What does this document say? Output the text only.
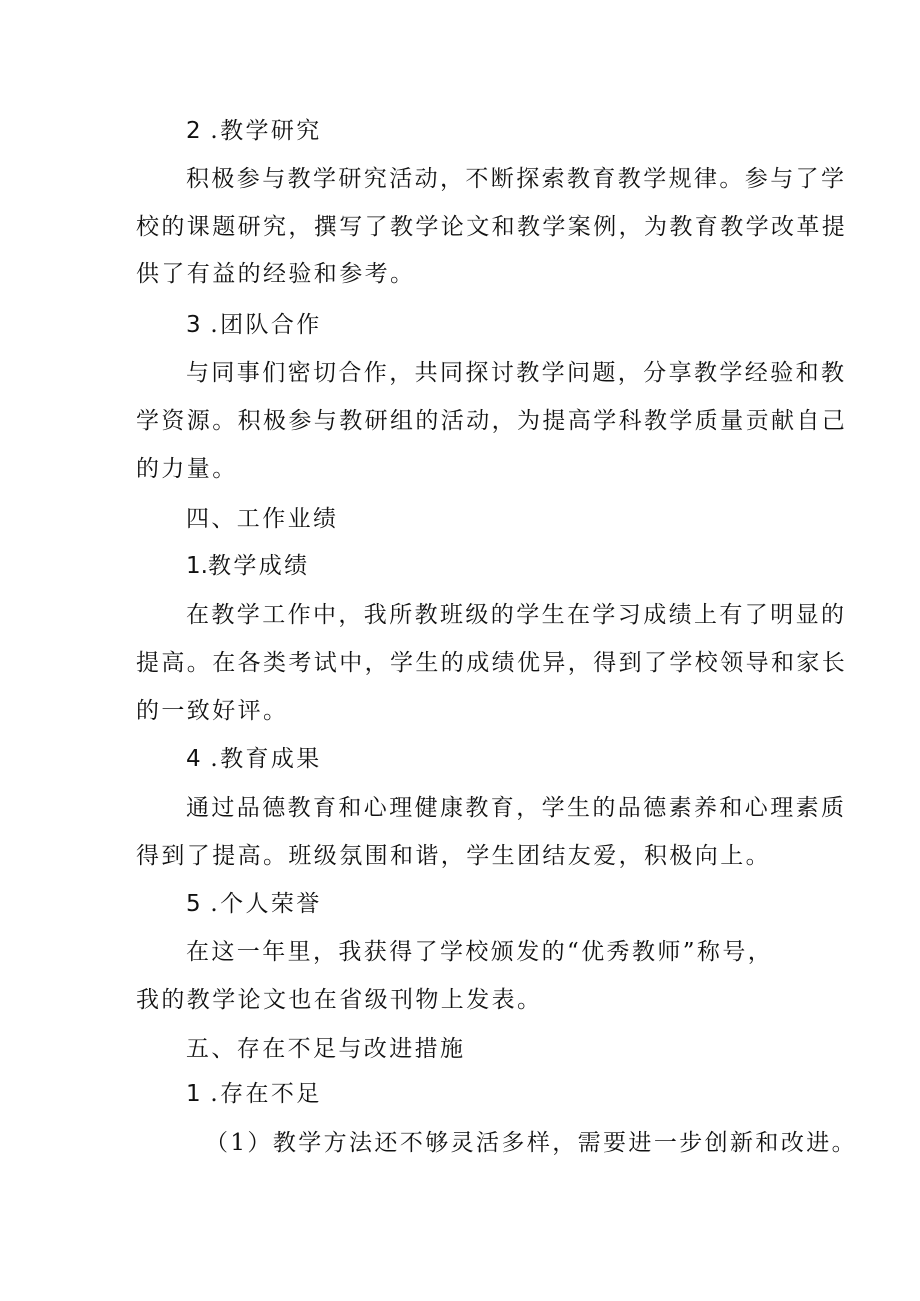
2 .教学研究

积极参与教学研究活动，不断探索教育教学规律。参与了学

校的课题研究，撰写了教学论文和教学案例，为教育教学改革提

供了有益的经验和参考。

3 .团队合作

与同事们密切合作，共同探讨教学问题，分享教学经验和教

学资源。积极参与教研组的活动，为提高学科教学质量贡献自己

的力量。

四、工作业绩

1.教学成绩

在教学工作中，我所教班级的学生在学习成绩上有了明显的

提高。在各类考试中，学生的成绩优异，得到了学校领导和家长

的一致好评。

4 .教育成果

通过品德教育和心理健康教育，学生的品德素养和心理素质

得到了提高。班级氛围和谐，学生团结友爱，积极向上。

5 .个人荣誉

在这一年里，我获得了学校颁发的“优秀教师”称号，

我的教学论文也在省级刊物上发表。

五、存在不足与改进措施

1 .存在不足

（1）教学方法还不够灵活多样，需要进一步创新和改进。
